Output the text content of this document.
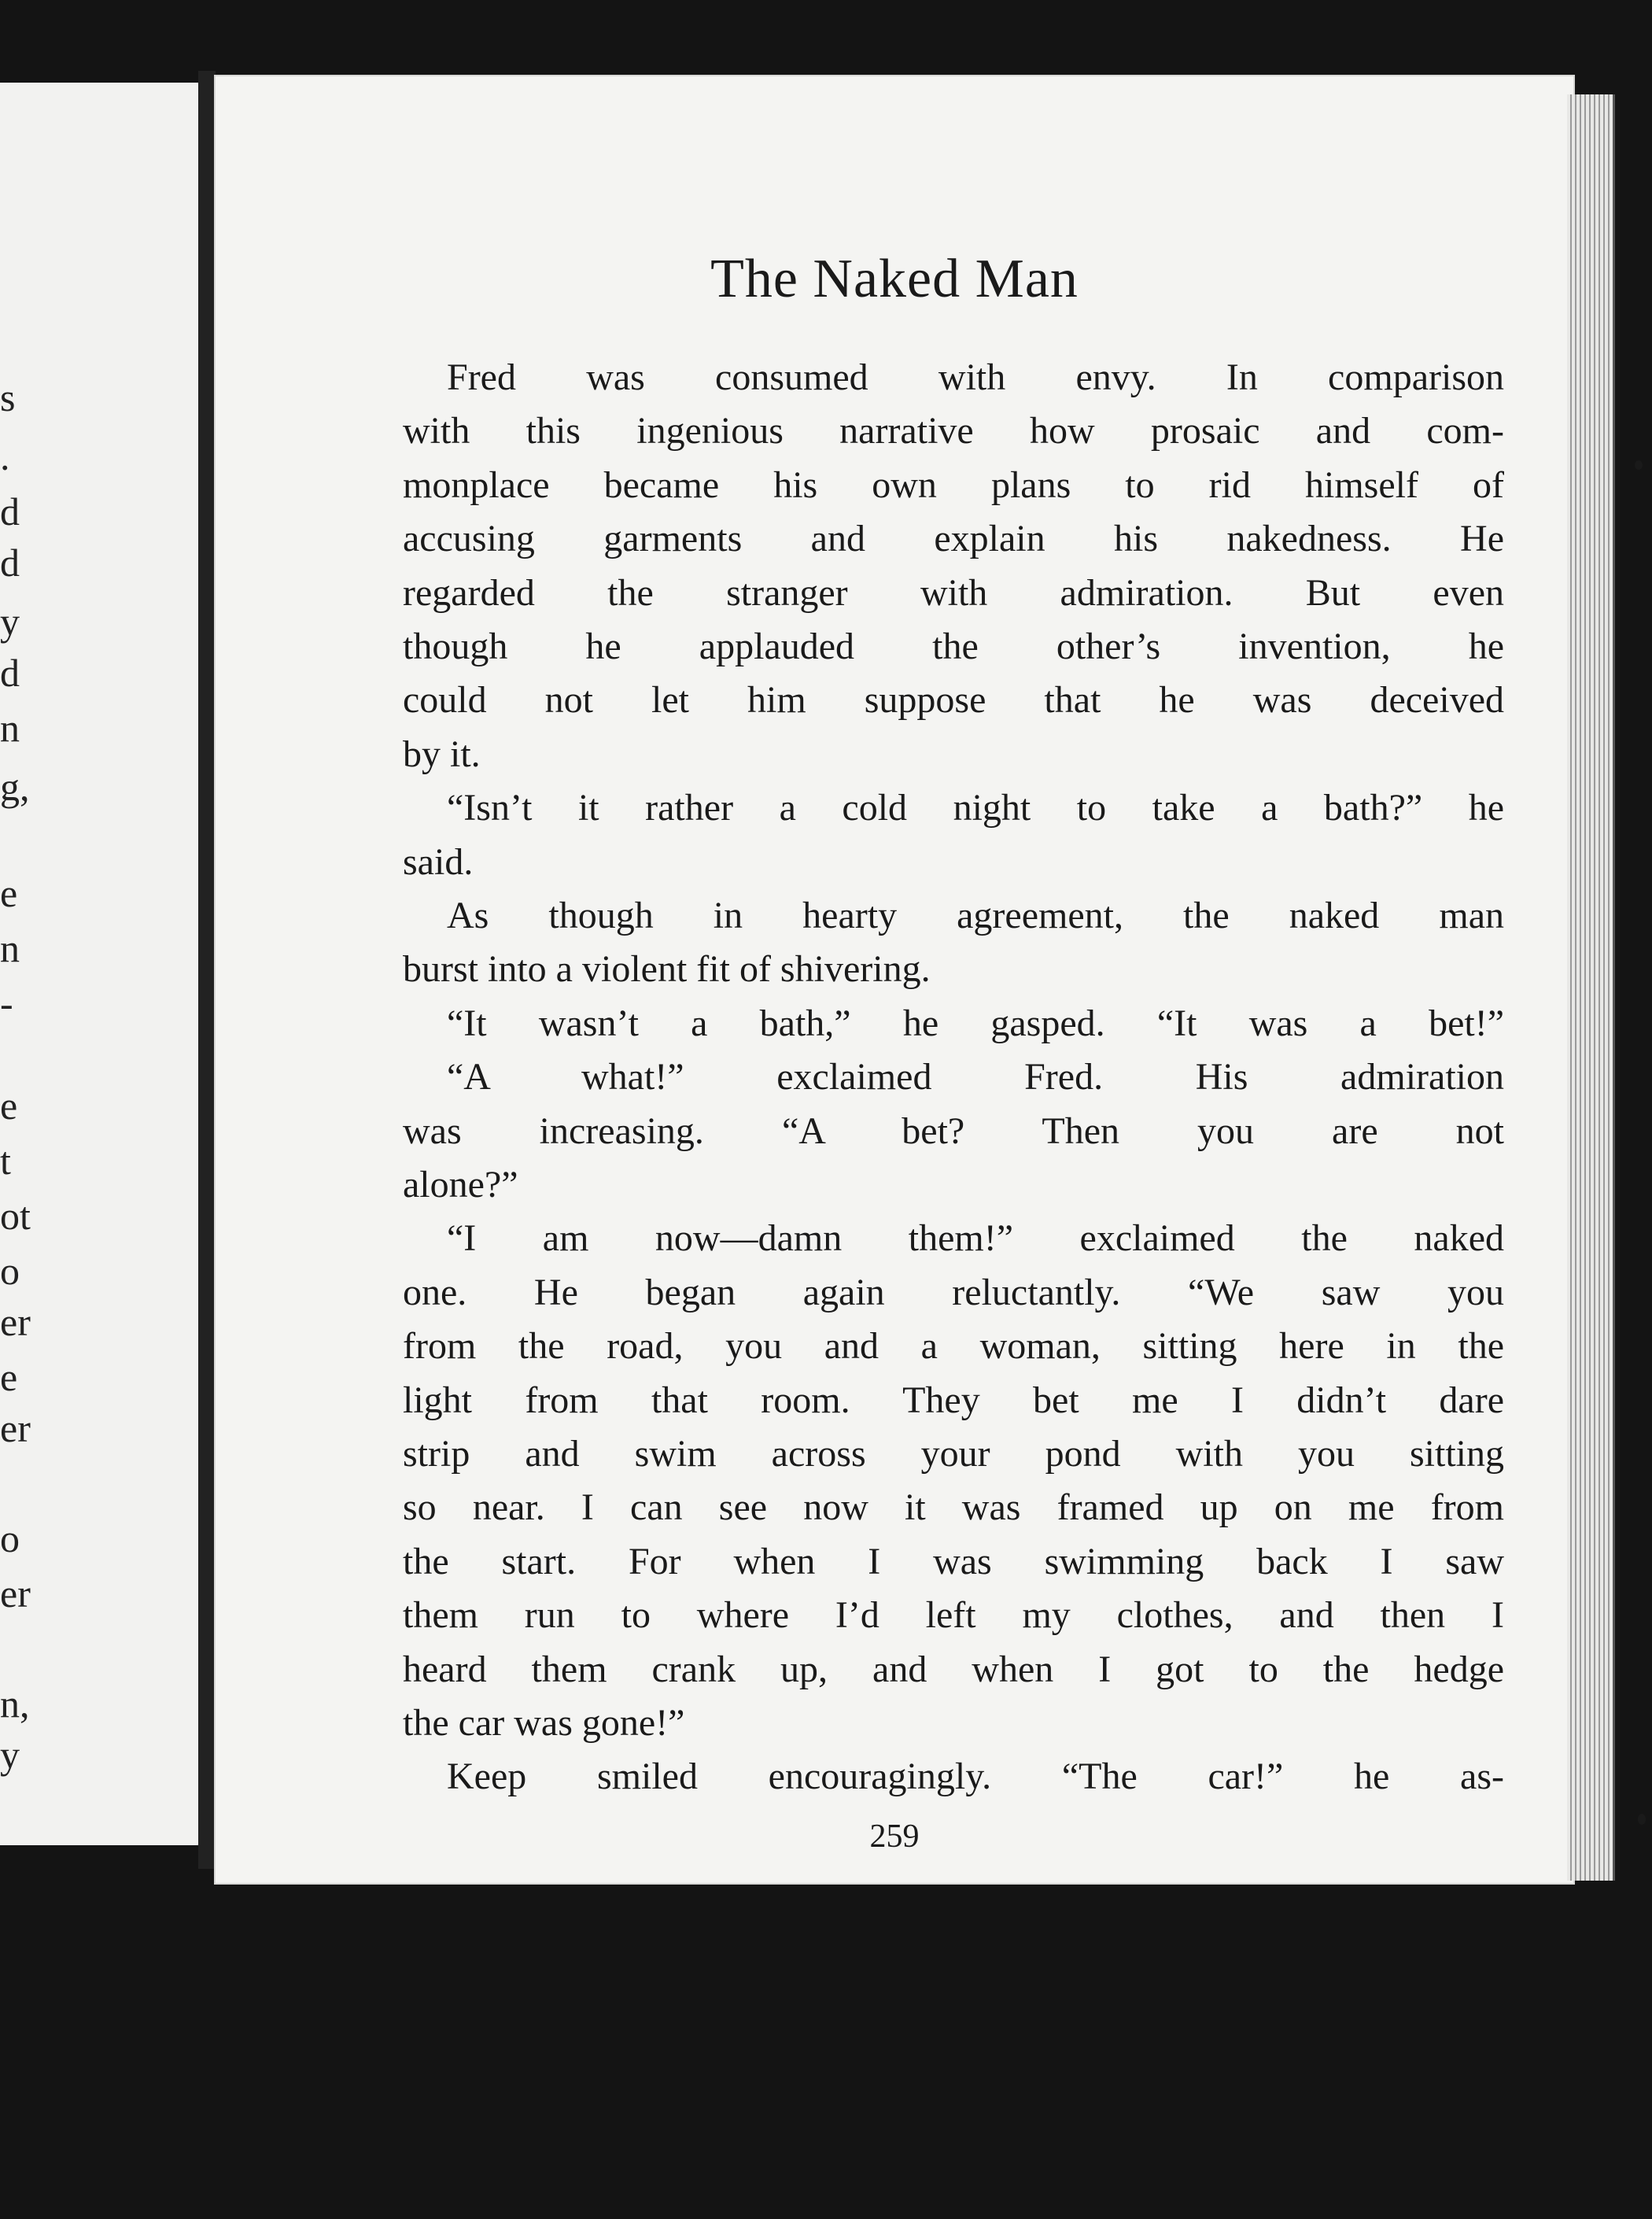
s
.
d
d
y
d
n
g,
e
n
-
e
t
ot
o
er
e
er
o
er
n,
y
The Naked Man
Fred was consumed with envy. In comparison
with this ingenious narrative how prosaic and com-
monplace became his own plans to rid himself of
accusing garments and explain his nakedness. He
regarded the stranger with admiration. But even
though he applauded the other’s invention, he
could not let him suppose that he was deceived
by it.
“Isn’t it rather a cold night to take a bath?” he
said.
As though in hearty agreement, the naked man
burst into a violent fit of shivering.
“It wasn’t a bath,” he gasped. “It was a bet!”
“A what!” exclaimed Fred. His admiration
was increasing. “A bet? Then you are not
alone?”
“I am now—damn them!” exclaimed the naked
one. He began again reluctantly. “We saw you
from the road, you and a woman, sitting here in the
light from that room. They bet me I didn’t dare
strip and swim across your pond with you sitting
so near. I can see now it was framed up on me from
the start. For when I was swimming back I saw
them run to where I’d left my clothes, and then I
heard them crank up, and when I got to the hedge
the car was gone!”
Keep smiled encouragingly. “The car!” he as-
259
